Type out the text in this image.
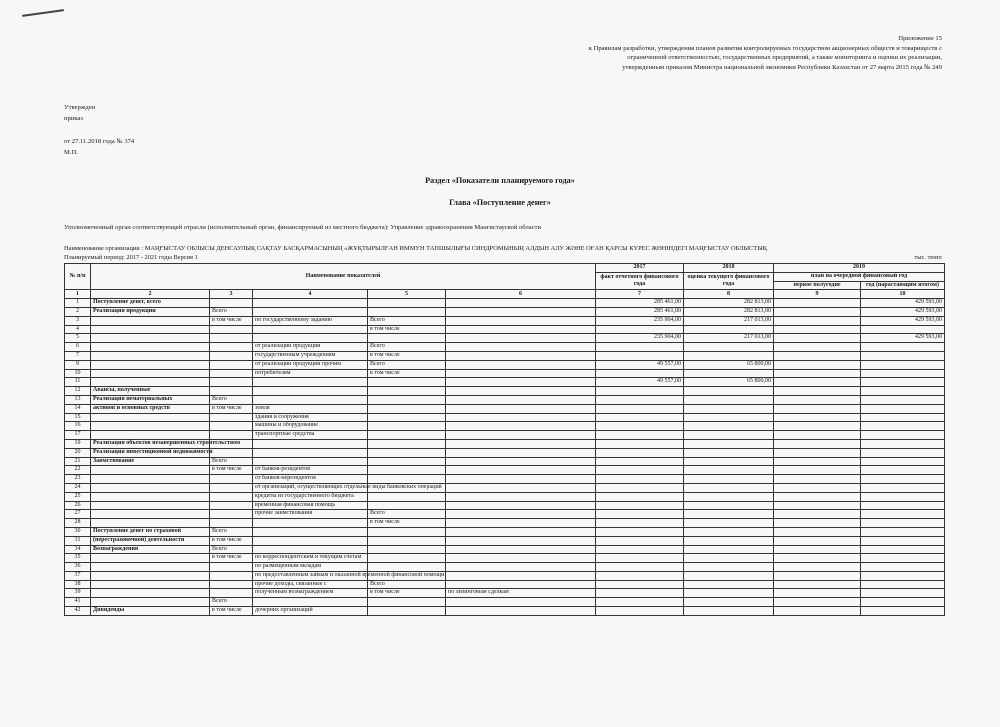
Приложение 15
к Правилам разработки, утверждения планов развития контролируемых государством акционерных обществ и товариществ с
ограниченной ответственностью, государственных предприятий, а также мониторинга и оценки их реализации,
утвержденным приказом Министра национальной экономики Республики Казахстан от 27 марта 2015 года № 249
Утвержден
приказ
от 27.11.2018 года № 374
М.П.
Раздел «Показатели планируемого года»
Глава «Поступление денег»
Уполномоченный орган соответствующей отрасли (исполнительный орган, финансируемый из местного бюджета): Управление здравоохранения Мангистауской области
Наименование организации : МАҢҒЫСТАУ ОБЛЫСЫ ДЕНСАУЛЫҚ САҚТАУ БАСҚАРМАСЫНЫҢ «ЖҰҚТЫРЫЛҒАН ИММУН ТАПШЫЛЫҒЫ СИНДРОМЫНЫҢ АЛДЫН АЛУ ЖӘНЕ ОҒАН ҚАРСЫ КҮРЕС ЖӨНІНДЕГІ МАҢҒЫСТАУ ОБЛЫСТЫҚ
Планируемый период: 2017 - 2021 годы Версия 1	тыс. тенге
№ п/п	Наименование показателей					2017	2018	2019	
						факт отчетного финансового года	оценка текущего финансового года	план на очередной финансовый год	
								первое полугодие	год (нарастающим итогом)
1	2	3	4	5	6	7	8	9	10
1	Поступление денег, всего					285 461,00	282 813,00		429 593,00
2	Реализация продукции	Всего				285 461,00	282 813,00		429 593,00
3		в том числе	по государственному заданию	Всего		235 904,00	217 013,00		429 593,00
4				в том числе					
5						235 904,00	217 013,00		429 593,00
6			от реализации продукции	Всего					
7			государственным учреждениям	в том числе					
9			от реализации продукции прочим	Всего		49 557,00	65 800,00		
10			потребителям	в том числе					
11						49 557,00	65 800,00		
12	Авансы, полученные								
13	Реализация нематериальных	Всего							
14	активов и основных средств	в том числе	земля						
15			здания и сооружения						
16			машины и оборудование						
17			транспортные средства						
19	Реализация объектов незавершенных строительством								
20	Реализация инвестиционной недвижимости								
21	Заимствование	Всего							
22		в том числе	от банков-резидентов						
23			от банков-нерезидентов						
24			от организаций, осуществляющих отдельные виды банковских операций						
25			кредиты из государственного бюджета						
26			временная финансовая помощь						
27			прочие заимствования	Всего					
28				в том числе					
30	Поступление денег по страховой	Всего							
31	(перестраховочной) деятельности	в том числе							
34	Вознаграждения	Всего							
35		в том числе	по корреспондентским и текущим счетам						
36			по размещенным вкладам						
37			по предоставленным займам и оказанной временной финансовой помощи						
38			прочие доходы, связанные с	Всего					
39			полученным вознаграждением	в том числе	по лизинговым сделкам				
41		Всего							
42	Дивиденды	в том числе	дочерних организаций						
